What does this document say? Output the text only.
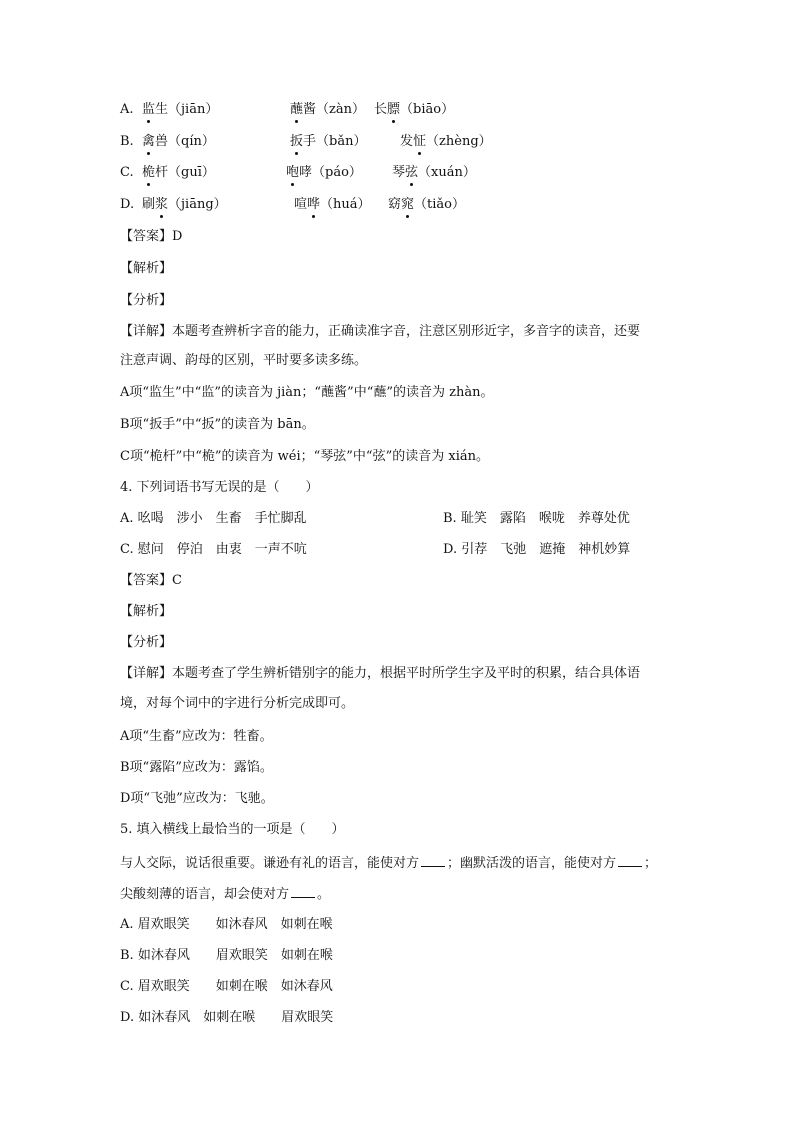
A. 监生（jiān）	蘸酱（zàn） 长膘（biāo）
B. 禽兽（qín）	扳手（bǎn）	发怔（zhèng）
C. 桅杆（guī）	咆哮（páo） 琴弦（xuán）
D. 刷浆（jiāng）	喧哗（huá） 窈窕（tiǎo）
【答案】D
【解析】
【分析】
【详解】本题考查辨析字音的能力，正确读准字音，注意区别形近字，多音字的读音，还要
注意声调、韵母的区别，平时要多读多练。
A项“监生”中“监”的读音为 jiàn；“蘸酱”中“蘸”的读音为 zhàn。
B项“扳手”中“扳”的读音为 bān。
C项“桅杆”中“桅”的读音为 wéi；“琴弦”中“弦”的读音为 xián。
4. 下列词语书写无误的是（　　）
A. 吆喝　涉小　生畜　手忙脚乱	B. 耻笑　露陷　喉咙　养尊处优
C. 慰问　停泊　由衷　一声不吭	D. 引荐　飞弛　遮掩　神机妙算
【答案】C
【解析】
【分析】
【详解】本题考查了学生辨析错别字的能力，根据平时所学生字及平时的积累，结合具体语
境，对每个词中的字进行分析完成即可。
A项“生畜”应改为：牲畜。
B项“露陷”应改为：露馅。
D项“飞弛”应改为：飞驰。
5. 填入横线上最恰当的一项是（　　）
与人交际，说话很重要。谦逊有礼的语言，能使对方 ；幽默活泼的语言，能使对方 ；
尖酸刻薄的语言，却会使对方 。
A. 眉欢眼笑　　如沐春风　如刺在喉
B. 如沐春风　　眉欢眼笑　如刺在喉
C. 眉欢眼笑　　如刺在喉　如沐春风
D. 如沐春风　如刺在喉　　眉欢眼笑
